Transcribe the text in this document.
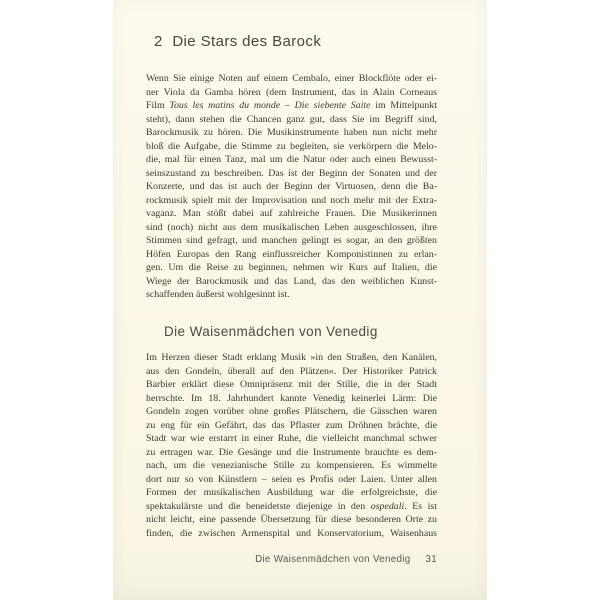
2 Die Stars des Barock
Wenn Sie einige Noten auf einem Cembalo, einer Blockflöte oder ei-
ner Viola da Gamba hören (dem Instrument, das in Alain Corneaus
Film Tous les matins du monde – Die siebente Saite im Mittelpunkt
steht), dann stehen die Chancen ganz gut, dass Sie im Begriff sind,
Barockmusik zu hören. Die Musikinstrumente haben nun nicht mehr
bloß die Aufgabe, die Stimme zu begleiten, sie verkörpern die Melo-
die, mal für einen Tanz, mal um die Natur oder auch einen Bewusst-
seinszustand zu beschreiben. Das ist der Beginn der Sonaten und der
Konzerte, und das ist auch der Beginn der Virtuosen, denn die Ba-
rockmusik spielt mit der Improvisation und noch mehr mit der Extra-
vaganz. Man stößt dabei auf zahlreiche Frauen. Die Musikerinnen
sind (noch) nicht aus dem musikalischen Leben ausgeschlossen, ihre
Stimmen sind gefragt, und manchen gelingt es sogar, an den größten
Höfen Europas den Rang einflussreicher Komponistinnen zu erlan-
gen. Um die Reise zu beginnen, nehmen wir Kurs auf Italien, die
Wiege der Barockmusik und das Land, das den weiblichen Kunst-
schaffenden äußerst wohlgesinnt ist.
Die Waisenmädchen von Venedig
Im Herzen dieser Stadt erklang Musik »in den Straßen, den Kanälen,
aus den Gondeln, überall auf den Plätzen«. Der Historiker Patrick
Barbier erklärt diese Omnipräsenz mit der Stille, die in der Stadt
herrschte. Im 18. Jahrhundert kannte Venedig keinerlei Lärm: Die
Gondeln zogen vorüber ohne großes Plätschern, die Gässchen waren
zu eng für ein Gefährt, das das Pflaster zum Dröhnen brächte, die
Stadt war wie erstarrt in einer Ruhe, die vielleicht manchmal schwer
zu ertragen war. Die Gesänge und die Instrumente brauchte es dem-
nach, um die venezianische Stille zu kompensieren. Es wimmelte
dort nur so von Künstlern – seien es Profis oder Laien. Unter allen
Formen der musikalischen Ausbildung war die erfolgreichste, die
spektakulärste und die beneidetste diejenige in den ospedali. Es ist
nicht leicht, eine passende Übersetzung für diese besonderen Orte zu
finden, die zwischen Armenspital und Konservatorium, Waisenhaus
Die Waisenmädchen von Venedig 31
